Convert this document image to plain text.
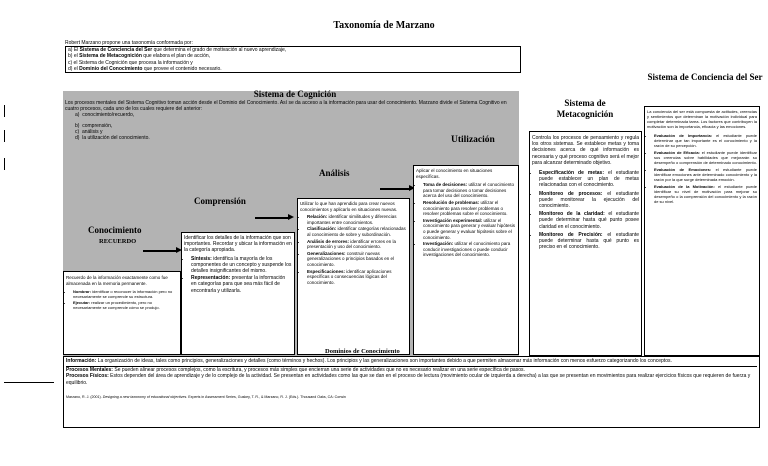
Taxonomía de Marzano
Robert Marzano propone una taxonomía conformada por:
a) El Sistema de Conciencia del Ser que determina el grado de motivación al nuevo aprendizaje,
b) el Sistema de Metacognición que elabora el plan de acción,
c) el Sistema de Cognición que procesa la información y
d) el Dominio del Conocimiento que provee el contenido necesario.
Sistema de Conciencia del Ser
Sistema de Cognición
Los procesos mentales del Sistema Cognitivo toman acción desde el Dominio del Conocimiento. Así se da acceso a la información para usar del conocimiento. Marzano divide el Sistema Cognitivo en cuatro procesos, cada uno de los cuales requiere del anterior:
a) conocimiento/recuerdo,
b) comprensión,
c) análisis y
d) la utilización del conocimiento.
Conocimiento
RECUERDO
Comprensión
Análisis
Utilización
Recuerdo de la información exactamente como fue almacenada en la memoria permanente.
• Nombrar: identificar o reconocer la información pero no necesariamente se comprende su estructura.
• Ejecutar: realizar un procedimiento, pero no necesariamente se comprende cómo se produjo.
Identificar los detalles de la información que son importantes. Recordar y ubicar la información en la categoría apropiada.
• Síntesis: identifica la mayoría de los componentes de un concepto y suspende los detalles insignificantes del mismo.
• Representación: presentar la información en categorías para que sea más fácil de encontrarla y utilizarla.
Utilizar lo que han aprendido para crear nuevos conocimientos y aplicarlo en situaciones nuevas.
• Relación: identificar similitudes y diferencias importantes entre conocimientos.
• Clasificación: identificar categorías relacionadas al conocimiento de sobre y subordinación.
• Análisis de errores: identificar errores en la presentación y uso del conocimiento.
• Generalizaciones: construir nuevas generalizaciones o principios basados en el conocimiento.
• Especificaciones: identificar aplicaciones específicas o consecuencias lógicas del conocimiento.
Aplicar el conocimiento en situaciones específicas.
• Toma de decisiones: utilizar el conocimiento para tomar decisiones o tomar decisiones acerca del uso del conocimiento.
• Resolución de problemas: utilizar el conocimiento para resolver problemas o resolver problemas sobre el conocimiento.
• Investigación experimental: utilizar el conocimiento para generar y evaluar hipótesis o puede generar y evaluar hipótesis sobre el conocimiento.
• Investigación: utilizar el conocimiento para conducir investigaciones o puede conducir investigaciones del conocimiento.
Sistema de Metacognición
Controla los procesos de pensamiento y regula los otros sistemas. Se establece metas y toma decisiones acerca de qué información es necesaria y qué proceso cognitivo será el mejor para alcanzar determinado objetivo.
• Especificación de metas: el estudiante puede establecer un plan de metas relacionadas con el conocimiento.
• Monitoreo de procesos: el estudiante puede monitorear la ejecución del conocimiento.
• Monitoreo de la claridad: el estudiante puede determinar hasta qué punto posee claridad en el conocimiento.
• Monitoreo de Precisión: el estudiante puede determinar hasta qué punto es preciso en el conocimiento.
La conciencia del ser está compuesta de actitudes, creencias y sentimientos que determinan la motivación individual para completar determinada tarea. Los factores que contribuyen la motivación son la importancia, eficacia y las emociones.
• Evaluación de Importancia: el estudiante puede determinar que tan importante es el conocimiento y la razón de su percepción.
• Evaluación de Eficacia: el estudiante puede identificar sus creencias sobre habilidades que mejorarán su desempeño o comprensión de determinado conocimiento.
• Evaluación de Emociones: el estudiante puede identificar emociones ante determinado conocimiento y la razón por la que surge determinada emoción.
• Evaluación de la Motivación: el estudiante puede identificar su nivel de motivación para mejorar su desempeño o la comprensión del conocimiento y la razón de su nivel.
Dominios de Conocimiento
Información: La organización de ideas, tales como principios, generalizaciones y detalles (como términos y hechos). Los principios y las generalizaciones son importantes debido a que permiten almacenar más información con menos esfuerzo categorizando los conceptos.
Procesos Mentales: Se pueden alinear procesos complejos, como la escritura, y procesos más simples que encierran una serie de actividades que no es necesario realizar en una serie específica de pasos.
Procesos Físicos: Estos dependen del área de aprendizaje y de lo complejo de la actividad. Se presentan en actividades como las que se dan en el proceso de lectura (movimiento ocular de izquierda a derecha) a las que se presentan en movimientos para realizar ejercicios físicos que requieren de fuerza y equilibrio.
Marzano, R. J. (2001). Designing a new taxonomy of educational objectives. Experts in Assessment Series, Guskey, T. R., & Marzano, R. J. (Eds.). Thousand Oaks, CA: Corwin
